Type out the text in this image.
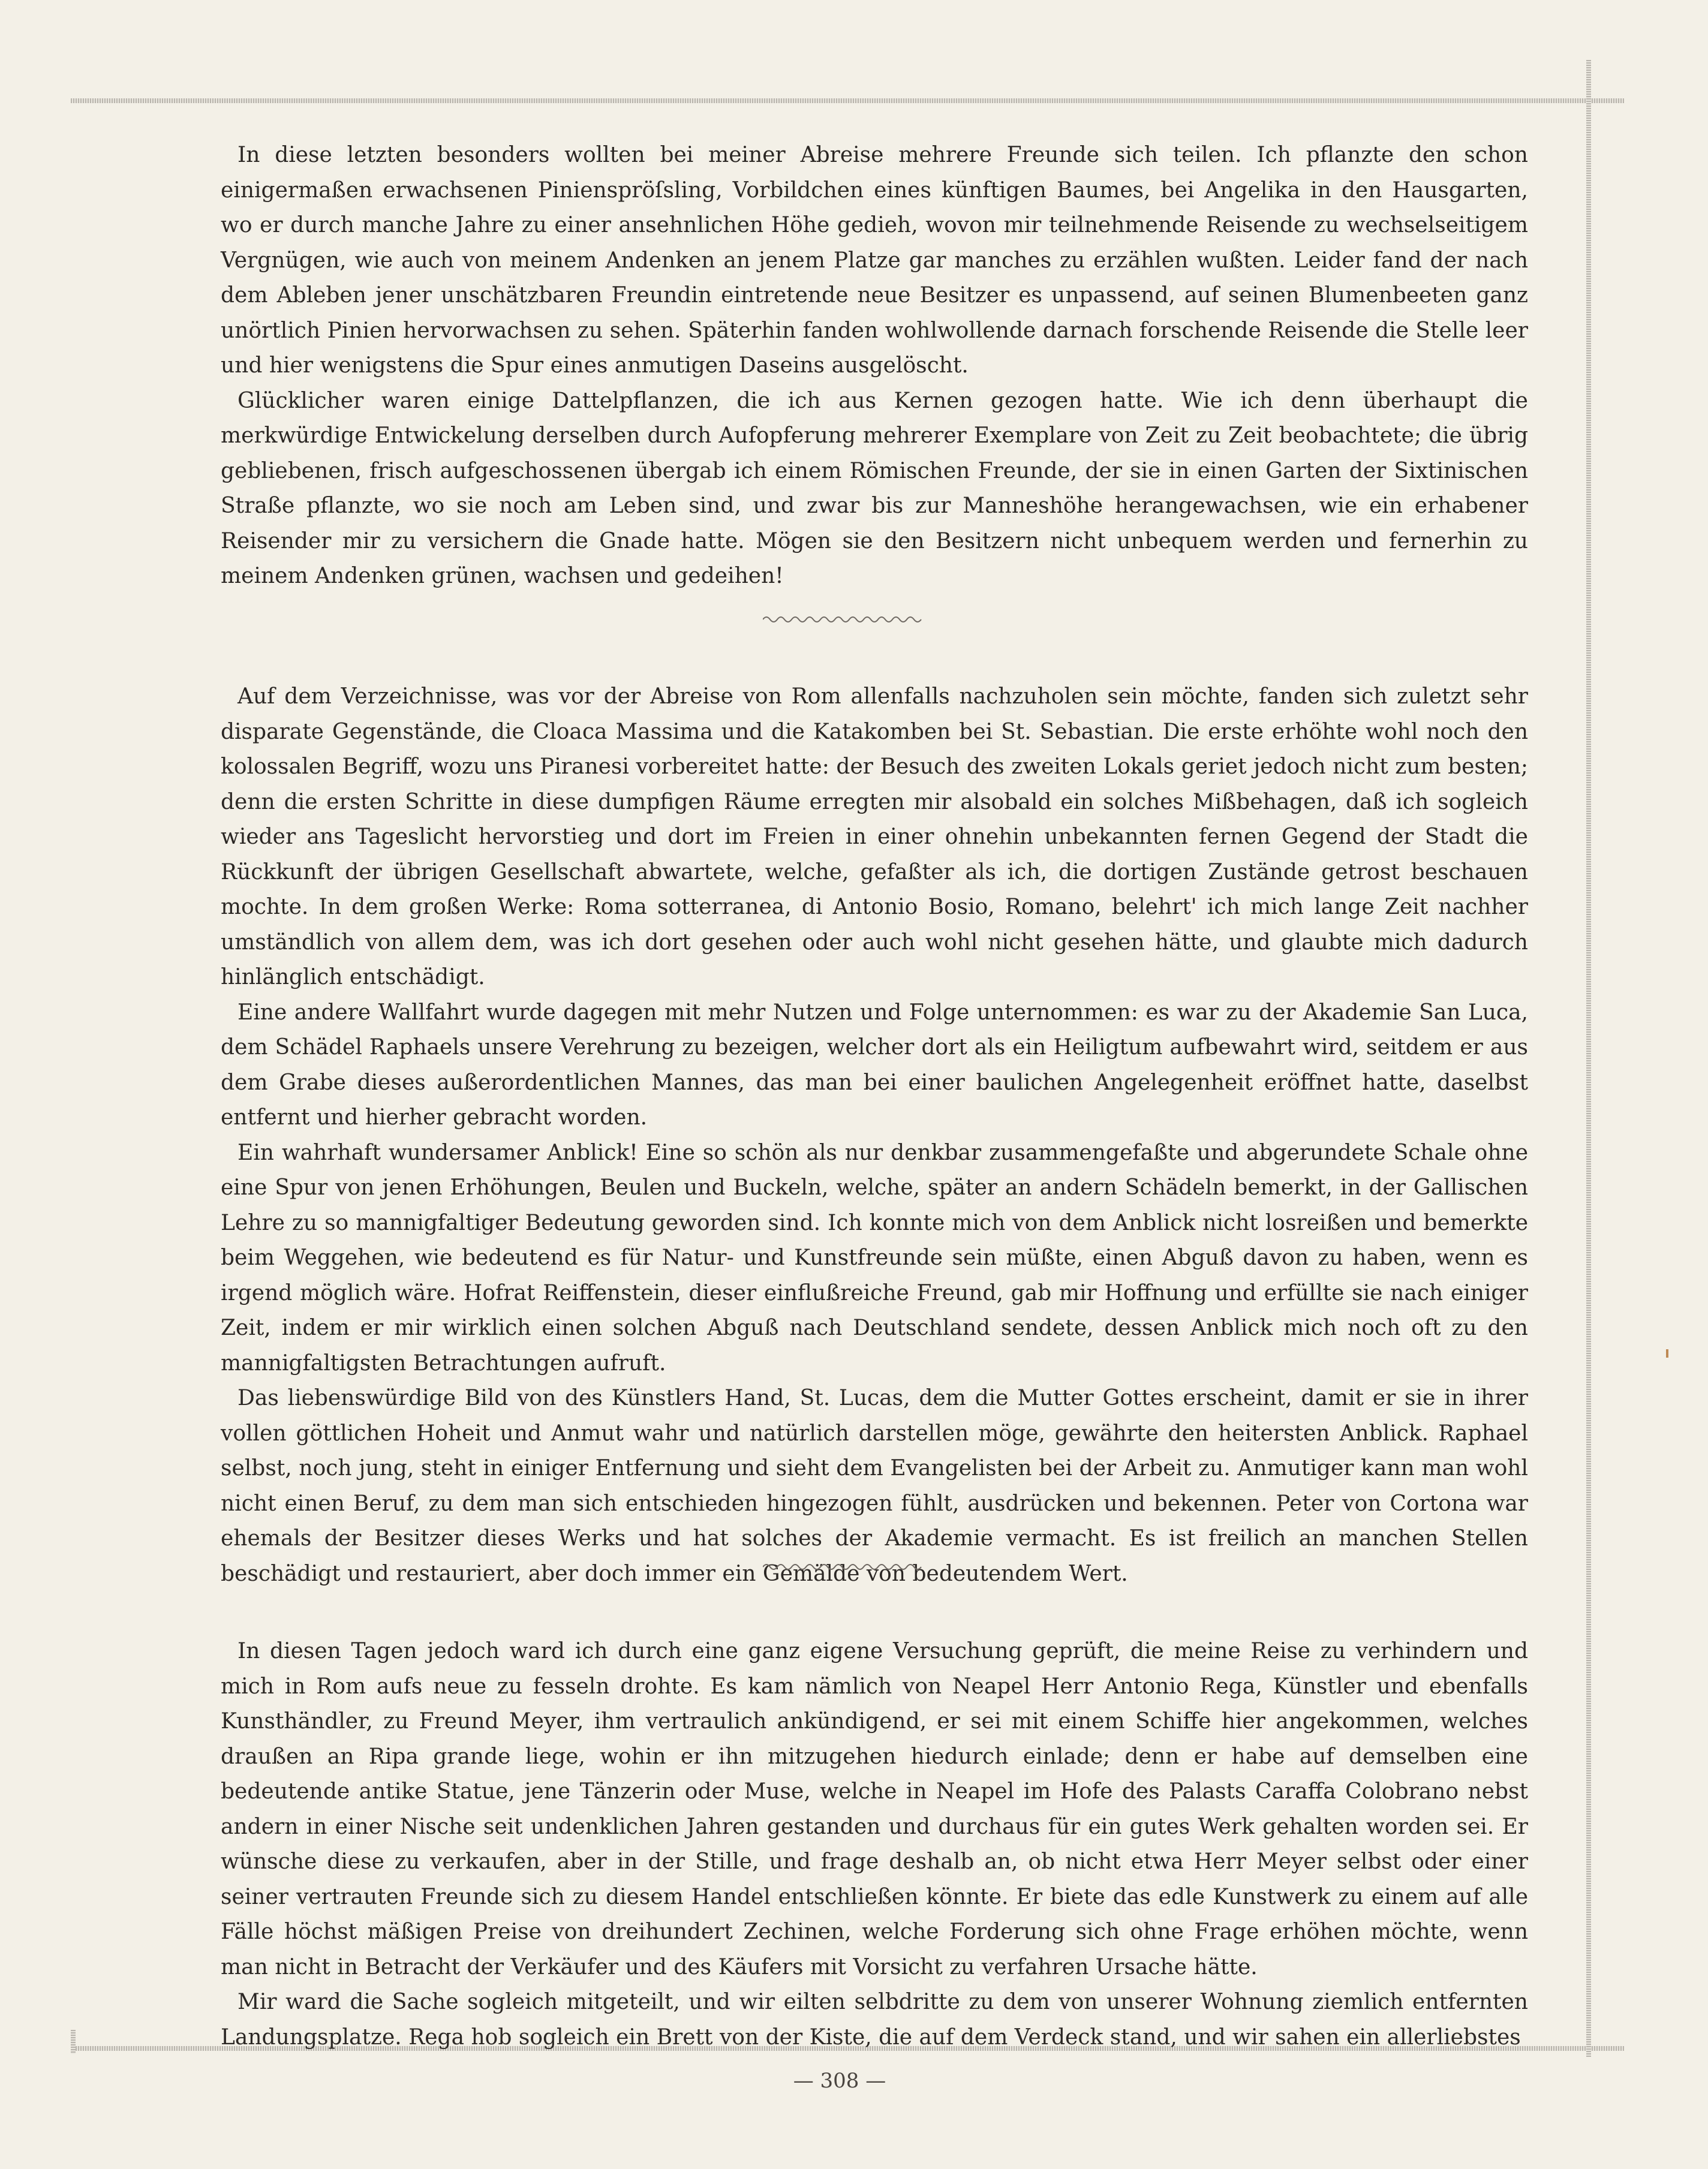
In diese letzten besonders wollten bei meiner Abreise mehrere Freunde sich teilen. Ich pflanzte den schon einigermaßen erwachsenen Pinienspröſsling, Vorbildchen eines künftigen Baumes, bei Angelika in den Hausgarten, wo er durch manche Jahre zu einer ansehnlichen Höhe gedieh, wovon mir teilnehmende Reisende zu wechselseitigem Vergnügen, wie auch von meinem Andenken an jenem Platze gar manches zu erzählen wußten. Leider fand der nach dem Ableben jener unschätzbaren Freundin eintretende neue Besitzer es unpassend, auf seinen Blumenbeeten ganz unörtlich Pinien hervorwachsen zu sehen. Späterhin fanden wohlwollende darnach forschende Reisende die Stelle leer und hier wenigstens die Spur eines anmutigen Daseins ausgelöscht.

Glücklicher waren einige Dattelpflanzen, die ich aus Kernen gezogen hatte. Wie ich denn überhaupt die merkwürdige Entwickelung derselben durch Aufopferung mehrerer Exemplare von Zeit zu Zeit beobachtete; die übrig gebliebenen, frisch aufgeschossenen übergab ich einem Römischen Freunde, der sie in einen Garten der Sixtinischen Straße pflanzte, wo sie noch am Leben sind, und zwar bis zur Manneshöhe herangewachsen, wie ein erhabener Reisender mir zu versichern die Gnade hatte. Mögen sie den Besitzern nicht unbequem werden und fernerhin zu meinem Andenken grünen, wachsen und gedeihen!

Auf dem Verzeichnisse, was vor der Abreise von Rom allenfalls nachzuholen sein möchte, fanden sich zuletzt sehr disparate Gegenstände, die Cloaca Massima und die Katakomben bei St. Sebastian. Die erste erhöhte wohl noch den kolossalen Begriff, wozu uns Piranesi vorbereitet hatte: der Besuch des zweiten Lokals geriet jedoch nicht zum besten; denn die ersten Schritte in diese dumpfigen Räume erregten mir alsobald ein solches Mißbehagen, daß ich sogleich wieder ans Tageslicht hervorstieg und dort im Freien in einer ohnehin unbekannten fernen Gegend der Stadt die Rückkunft der übrigen Gesellschaft abwartete, welche, gefaßter als ich, die dortigen Zustände getrost beschauen mochte. In dem großen Werke: Roma sotterranea, di Antonio Bosio, Romano, belehrt' ich mich lange Zeit nachher umständlich von allem dem, was ich dort gesehen oder auch wohl nicht gesehen hätte, und glaubte mich dadurch hinlänglich entschädigt.

Eine andere Wallfahrt wurde dagegen mit mehr Nutzen und Folge unternommen: es war zu der Akademie San Luca, dem Schädel Raphaels unsere Verehrung zu bezeigen, welcher dort als ein Heiligtum aufbewahrt wird, seitdem er aus dem Grabe dieses außerordentlichen Mannes, das man bei einer baulichen Angelegenheit eröffnet hatte, daselbst entfernt und hierher gebracht worden.

Ein wahrhaft wundersamer Anblick! Eine so schön als nur denkbar zusammengefaßte und abgerundete Schale ohne eine Spur von jenen Erhöhungen, Beulen und Buckeln, welche, später an andern Schädeln bemerkt, in der Gallischen Lehre zu so mannigfaltiger Bedeutung geworden sind. Ich konnte mich von dem Anblick nicht losreißen und bemerkte beim Weggehen, wie bedeutend es für Natur- und Kunstfreunde sein müßte, einen Abguß davon zu haben, wenn es irgend möglich wäre. Hofrat Reiffenstein, dieser einflußreiche Freund, gab mir Hoffnung und erfüllte sie nach einiger Zeit, indem er mir wirklich einen solchen Abguß nach Deutschland sendete, dessen Anblick mich noch oft zu den mannigfaltigsten Betrachtungen aufruft.

Das liebenswürdige Bild von des Künstlers Hand, St. Lucas, dem die Mutter Gottes erscheint, damit er sie in ihrer vollen göttlichen Hoheit und Anmut wahr und natürlich darstellen möge, gewährte den heitersten Anblick. Raphael selbst, noch jung, steht in einiger Entfernung und sieht dem Evangelisten bei der Arbeit zu. Anmutiger kann man wohl nicht einen Beruf, zu dem man sich entschieden hingezogen fühlt, ausdrücken und bekennen. Peter von Cortona war ehemals der Besitzer dieses Werks und hat solches der Akademie vermacht. Es ist freilich an manchen Stellen beschädigt und restauriert, aber doch immer ein Gemälde von bedeutendem Wert.

In diesen Tagen jedoch ward ich durch eine ganz eigene Versuchung geprüft, die meine Reise zu verhindern und mich in Rom aufs neue zu fesseln drohte. Es kam nämlich von Neapel Herr Antonio Rega, Künstler und ebenfalls Kunsthändler, zu Freund Meyer, ihm vertraulich ankündigend, er sei mit einem Schiffe hier angekommen, welches draußen an Ripa grande liege, wohin er ihn mitzugehen hiedurch einlade; denn er habe auf demselben eine bedeutende antike Statue, jene Tänzerin oder Muse, welche in Neapel im Hofe des Palasts Caraffa Colobrano nebst andern in einer Nische seit undenklichen Jahren gestanden und durchaus für ein gutes Werk gehalten worden sei. Er wünsche diese zu verkaufen, aber in der Stille, und frage deshalb an, ob nicht etwa Herr Meyer selbst oder einer seiner vertrauten Freunde sich zu diesem Handel entschließen könnte. Er biete das edle Kunstwerk zu einem auf alle Fälle höchst mäßigen Preise von dreihundert Zechinen, welche Forderung sich ohne Frage erhöhen möchte, wenn man nicht in Betracht der Verkäufer und des Käufers mit Vorsicht zu verfahren Ursache hätte.

Mir ward die Sache sogleich mitgeteilt, und wir eilten selbdritte zu dem von unserer Wohnung ziemlich entfernten Landungsplatze. Rega hob sogleich ein Brett von der Kiste, die auf dem Verdeck stand, und wir sahen ein allerliebstes

— 308 —
